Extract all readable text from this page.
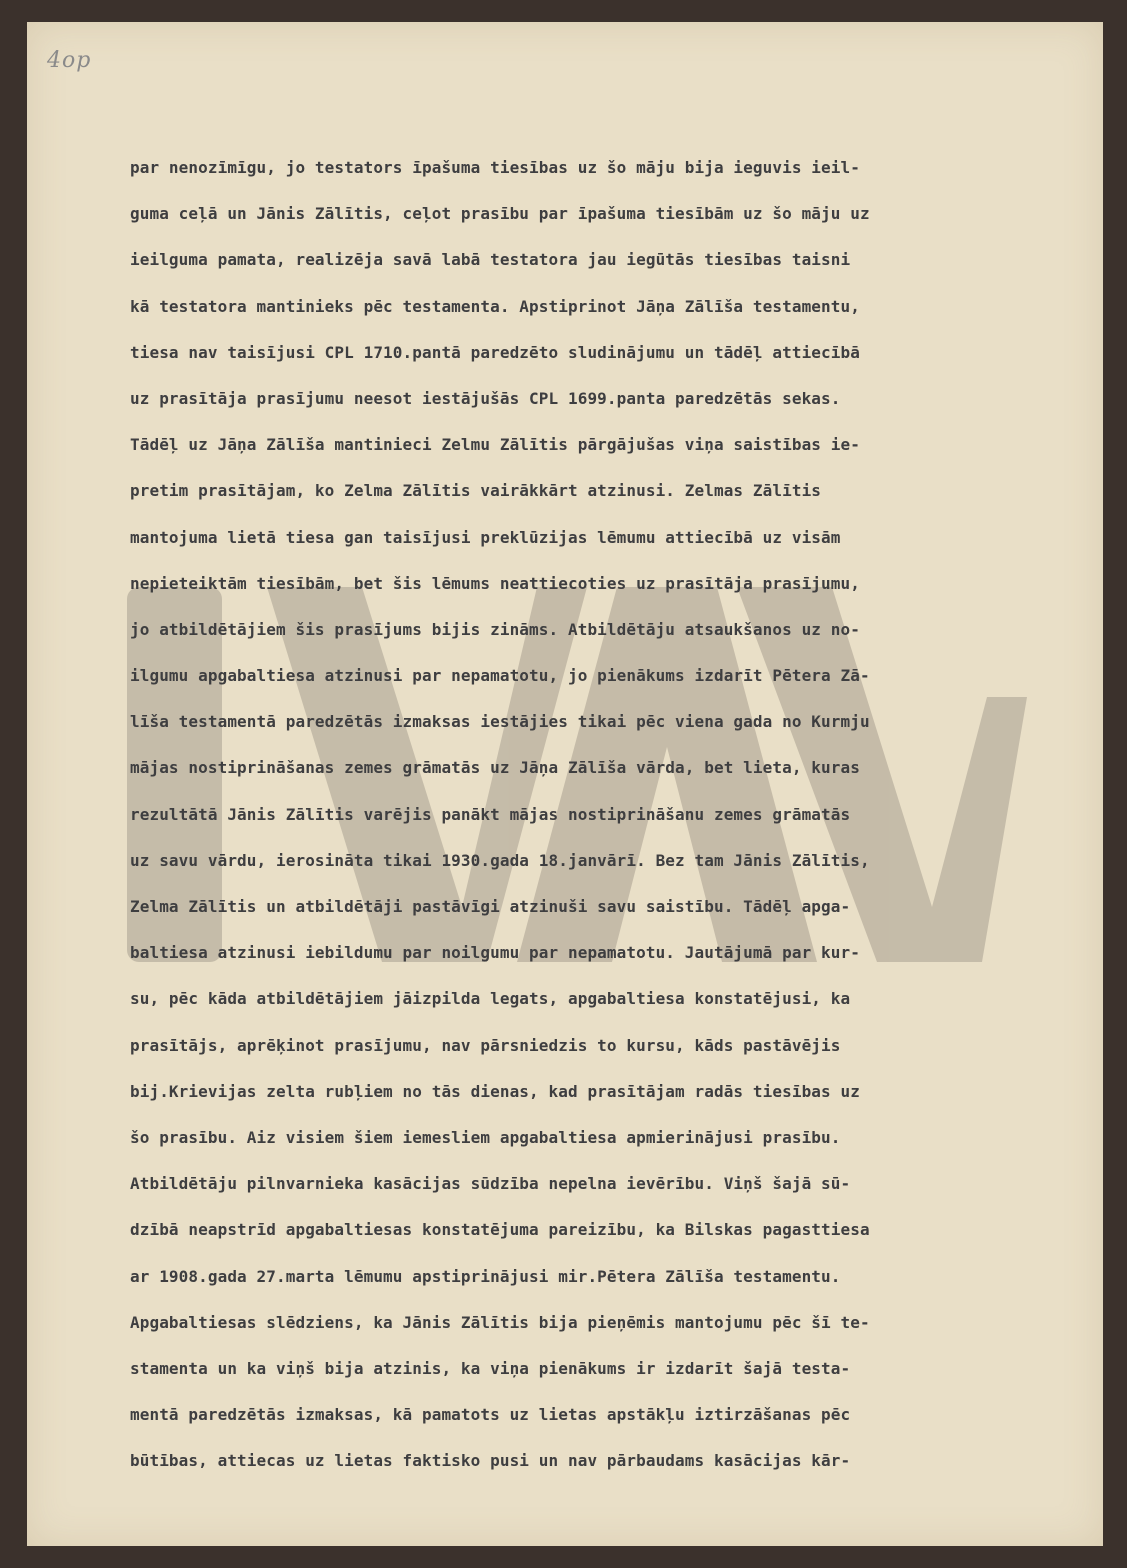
4op
par nenozīmīgu, jo testators īpašuma tiesības uz šo māju bija ieguvis iеil-
guma ceļā un Jānis Zālītis, ceļot prasību par īpašuma tiesībām uz šo māju uz
ieilguma pamata, realizēja savā labā testatora jau iegūtās tiesības taisni
kā testatora mantinieks pēc testamenta. Apstiprinot Jāņa Zālīša testamentu,
tiesa nav taisījusi CPL 1710.pantā paredzēto sludinājumu un tādēļ attiecībā
uz prasītāja prasījumu neesot iestājušās CPL 1699.panta paredzētās sekas.
Tādēļ uz Jāņa Zālīša mantinieci Zelmu Zālītis pārgājušas viņa saistības ie-
pretim prasītājam, ko Zelma Zālītis vairākkārt atzinusi. Zelmas Zālītis
mantojuma lietā tiesa gan taisījusi preklūzijas lēmumu attiecībā uz visām
nepieteiktām tiesībām, bet šis lēmums neattiecoties uz prasītāja prasījumu,
jo atbildētājiem šis prasījums bijis zināms. Atbildētāju atsaukšanos uz no-
ilgumu apgabaltiesa atzinusi par nepamatotu, jo pienākums izdarīt Pētera Zā-
līša testamentā paredzētās izmaksas iestājies tikai pēc viena gada no Kurmju
mājas nostiprināšanas zemes grāmatās uz Jāņa Zālīša vārda, bet lieta, kuras
rezultātā Jānis Zālītis varējis panākt mājas nostiprināšanu zemes grāmatās
uz savu vārdu, ierosināta tikai 1930.gada 18.janvārī. Bez tam Jānis Zālītis,
Zelma Zālītis un atbildētāji pastāvīgi atzinuši savu saistību. Tādēļ apga-
baltiesa atzinusi iebildumu par noilgumu par nepamatotu. Jautājumā par kur-
su, pēc kāda atbildētājiem jāizpilda legats, apgabaltiesa konstatējusi, ka
prasītājs, aprēķinot prasījumu, nav pārsniedzis to kursu, kāds pastāvējis
bij.Krievijas zelta rubļiem no tās dienas, kad prasītājam radās tiesības uz
šo prasību. Aiz visiem šiem iemesliem apgabaltiesa apmierinājusi prasību.
Atbildētāju pilnvarnieka kasācijas sūdzība nepelna ievērību. Viņš šajā sū-
dzībā neapstrīd apgabaltiesas konstatējuma pareizību, ka Bilskas pagasttiesa
ar 1908.gada 27.marta lēmumu apstiprinājusi mir.Pētera Zālīša testamentu.
Apgabaltiesas slēdziens, ka Jānis Zālītis bija pieņēmis mantojumu pēc šī te-
stamenta un ka viņš bija atzinis, ka viņa pienākums ir izdarīt šajā testa-
mentā paredzētās izmaksas, kā pamatots uz lietas apstākļu iztirzāšanas pēc
būtības, attiecas uz lietas faktisko pusi un nav pārbaudams kasācijas kār-
